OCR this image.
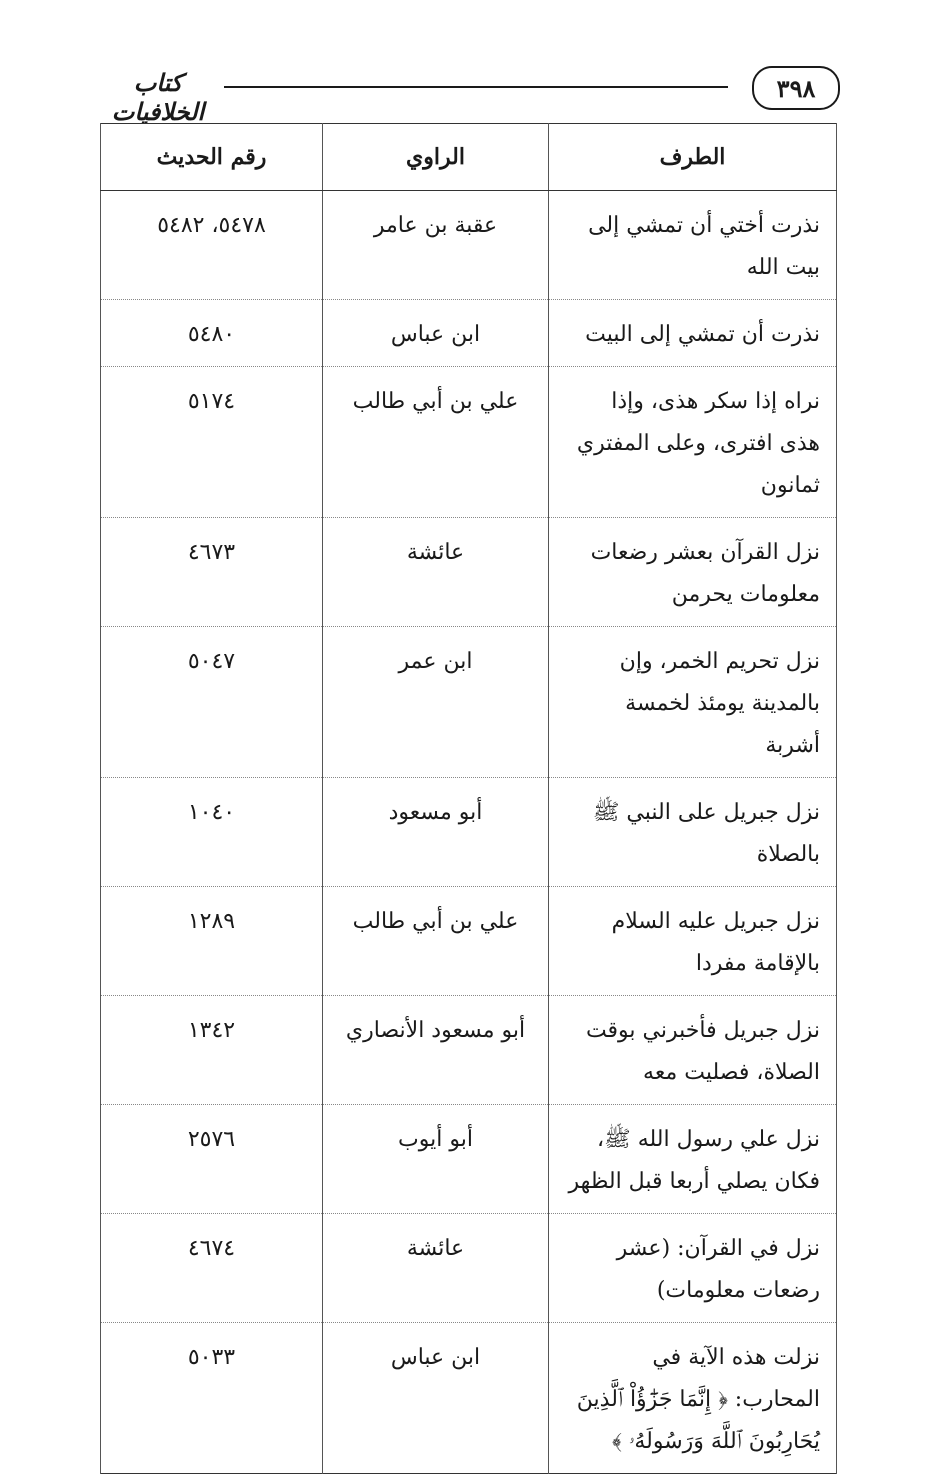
٣٩٨
كتاب الخلافيات
الطرف	الراوي	رقم الحديث
نذرت أختي أن تمشي إلى بيت الله	عقبة بن عامر	٥٤٧٨، ٥٤٨٢
نذرت أن تمشي إلى البيت	ابن عباس	٥٤٨٠
نراه إذا سكر هذى، وإذا هذى افترى، وعلى المفتري ثمانون	علي بن أبي طالب	٥١٧٤
نزل القرآن بعشر رضعات معلومات يحرمن	عائشة	٤٦٧٣
نزل تحريم الخمر، وإن بالمدينة يومئذ لخمسة أشربة	ابن عمر	٥٠٤٧
نزل جبريل على النبي ﷺ بالصلاة	أبو مسعود	١٠٤٠
نزل جبريل عليه السلام بالإقامة مفردا	علي بن أبي طالب	١٢٨٩
نزل جبريل فأخبرني بوقت الصلاة، فصليت معه	أبو مسعود الأنصاري	١٣٤٢
نزل علي رسول الله ﷺ، فكان يصلي أربعا قبل الظهر	أبو أيوب	٢٥٧٦
نزل في القرآن: (عشر رضعات معلومات)	عائشة	٤٦٧٤
نزلت هذه الآية في المحارب: ﴿ إِنَّمَا جَزَٰٓؤُاْ ٱلَّذِينَ يُحَارِبُونَ ٱللَّهَ وَرَسُولَهُۥ ﴾	ابن عباس	٥٠٣٣
